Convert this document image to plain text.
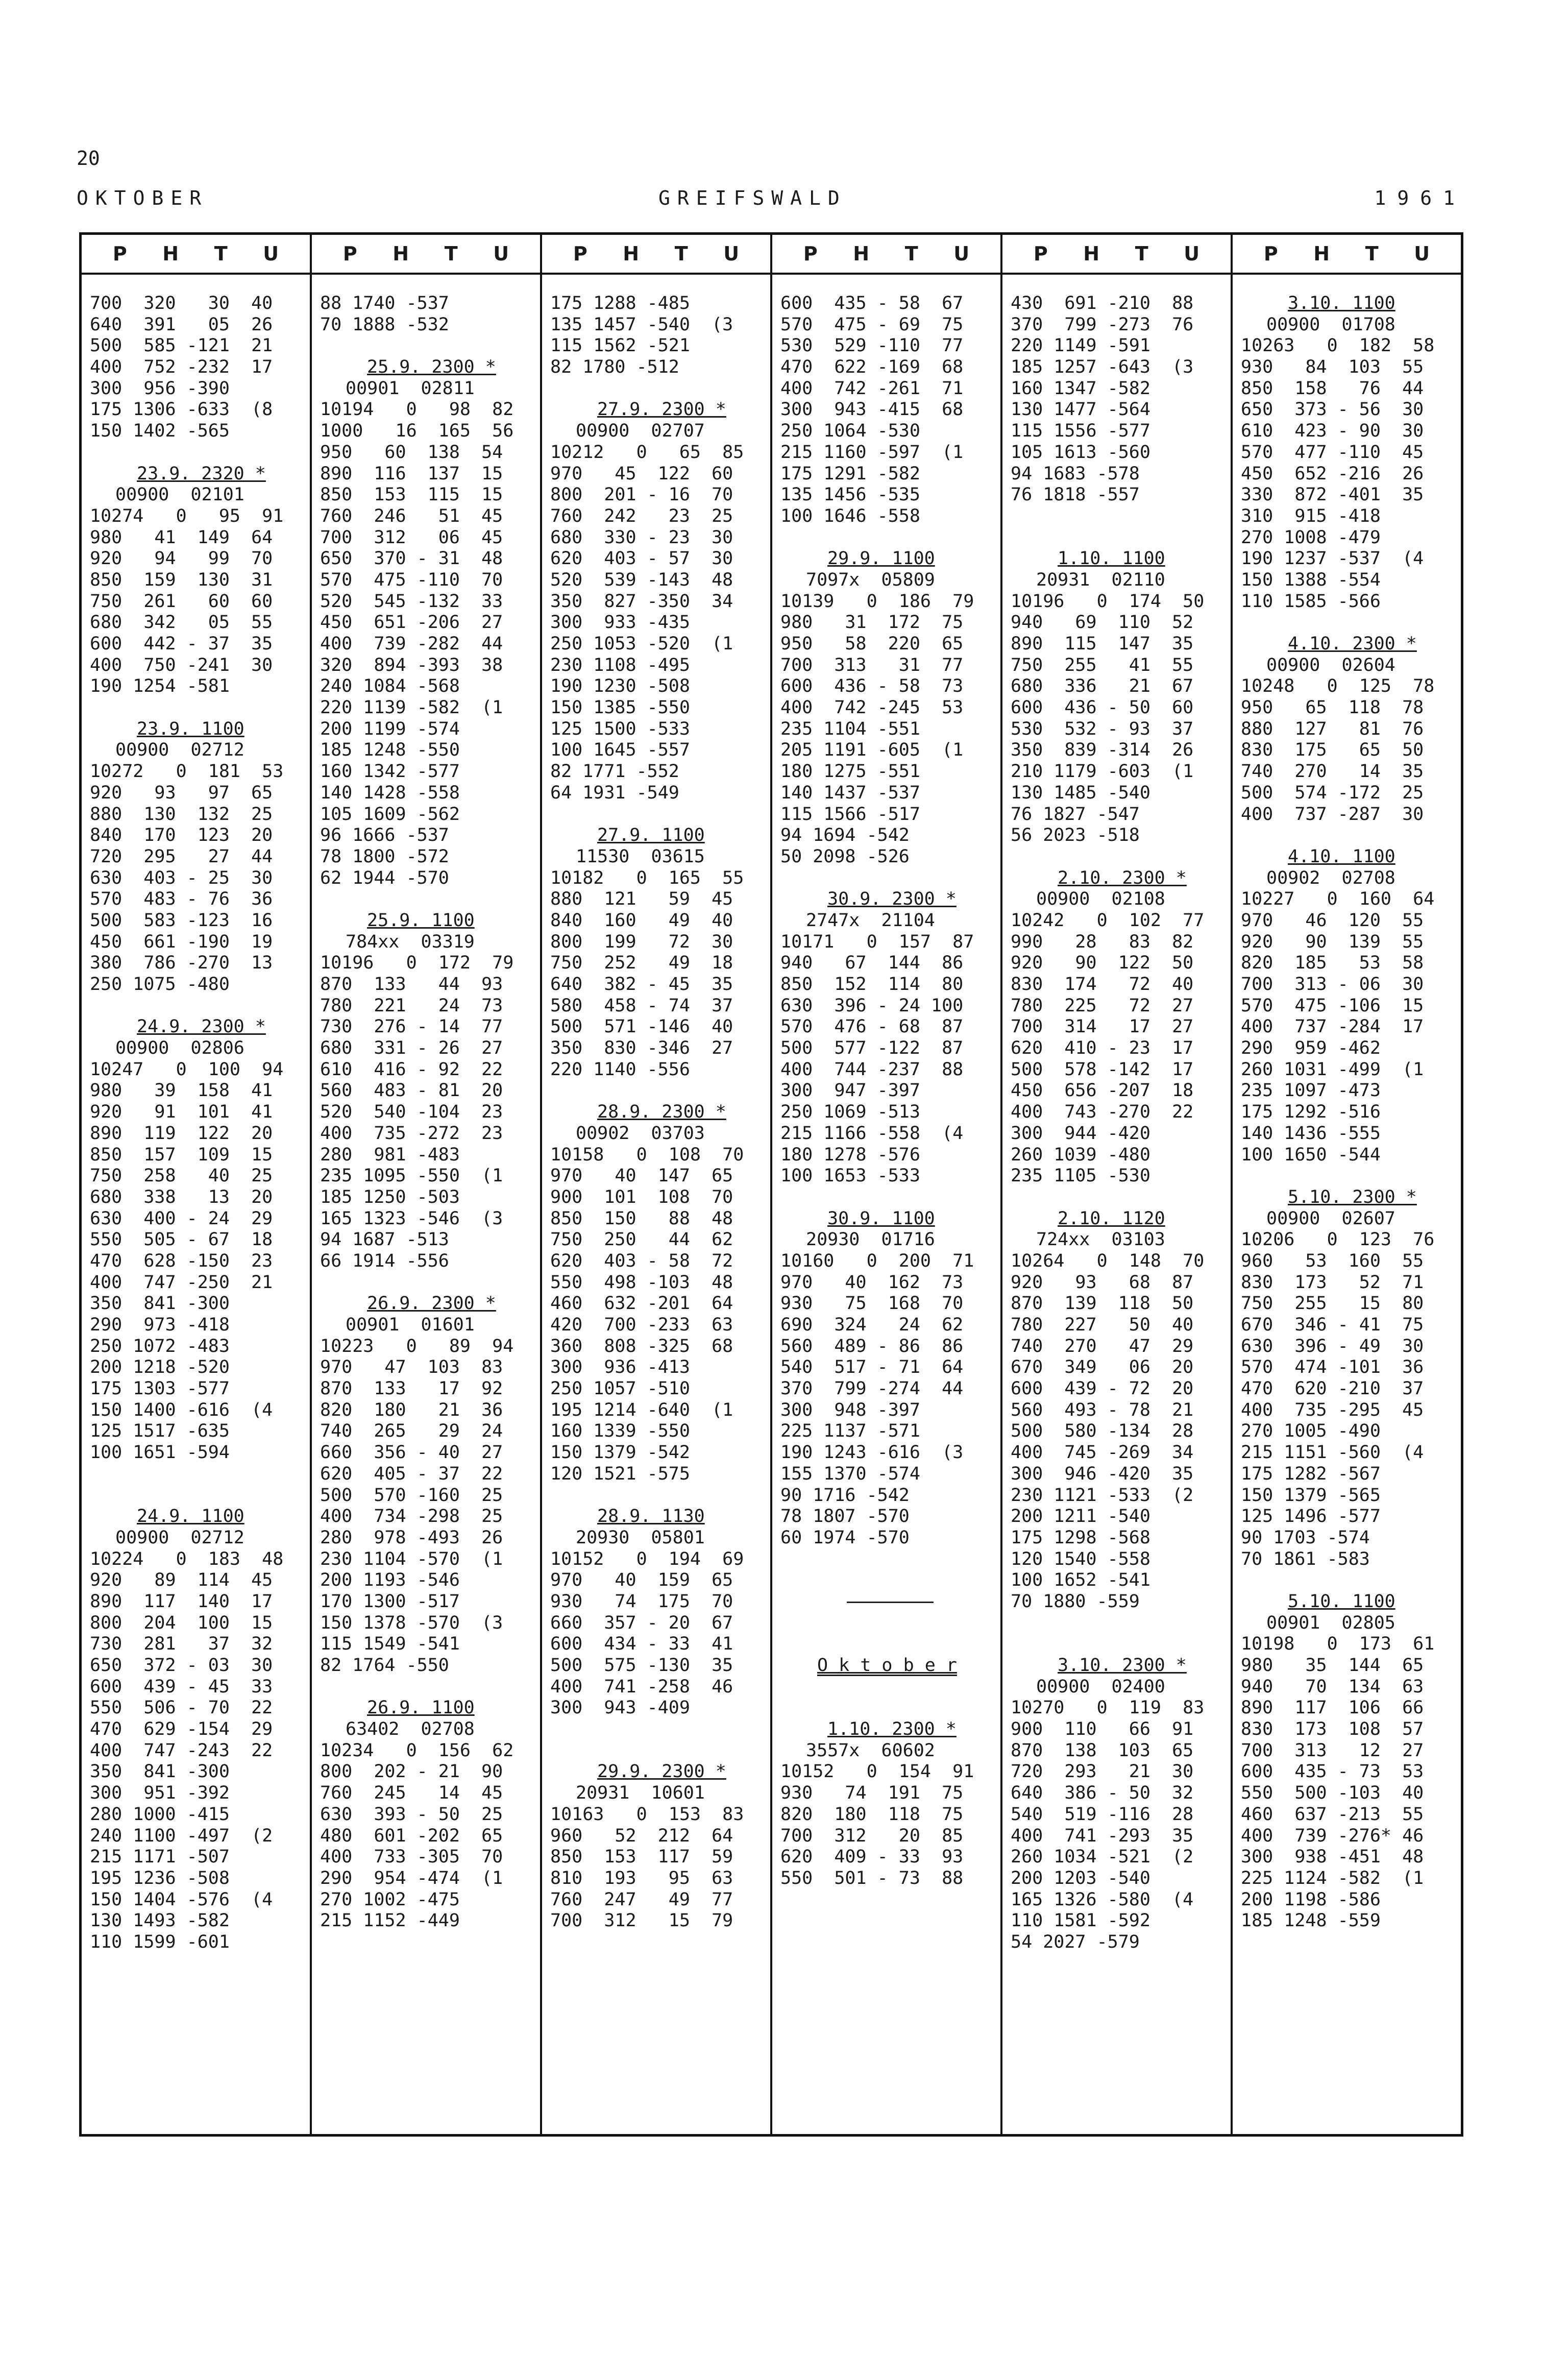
20
OKTOBER	GREIFSWALD	1961
P H T U
700  320   30  40
640  391   05  26
500  585 -121  21
400  752 -232  17
300  956 -390
175 1306 -633  (8
150 1402 -565
23.9. 2320 *
00900  02101
10274   0   95  91
980   41  149  64
920   94   99  70
850  159  130  31
750  261   60  60
680  342   05  55
600  442 - 37  35
400  750 -241  30
190 1254 -581
23.9. 1100
00900  02712
10272   0  181  53
920   93   97  65
880  130  132  25
840  170  123  20
720  295   27  44
630  403 - 25  30
570  483 - 76  36
500  583 -123  16
450  661 -190  19
380  786 -270  13
250 1075 -480
24.9. 2300 *
00900  02806
10247   0  100  94
980   39  158  41
920   91  101  41
890  119  122  20
850  157  109  15
750  258   40  25
680  338   13  20
630  400 - 24  29
550  505 - 67  18
470  628 -150  23
400  747 -250  21
350  841 -300
290  973 -418
250 1072 -483
200 1218 -520
175 1303 -577
150 1400 -616  (4
125 1517 -635
100 1651 -594
24.9. 1100
00900  02712
10224   0  183  48
920   89  114  45
890  117  140  17
800  204  100  15
730  281   37  32
650  372 - 03  30
600  439 - 45  33
550  506 - 70  22
470  629 -154  29
400  747 -243  22
350  841 -300
300  951 -392
280 1000 -415
240 1100 -497  (2
215 1171 -507
195 1236 -508
150 1404 -576  (4
130 1493 -582
110 1599 -601
P H T U
88 1740 -537
70 1888 -532
25.9. 2300 *
00901  02811
10194   0   98  82
1000   16  165  56
950   60  138  54
890  116  137  15
850  153  115  15
760  246   51  45
700  312   06  45
650  370 - 31  48
570  475 -110  70
520  545 -132  33
450  651 -206  27
400  739 -282  44
320  894 -393  38
240 1084 -568
220 1139 -582  (1
200 1199 -574
185 1248 -550
160 1342 -577
140 1428 -558
105 1609 -562
96 1666 -537
78 1800 -572
62 1944 -570
25.9. 1100
784xx  03319
10196   0  172  79
870  133   44  93
780  221   24  73
730  276 - 14  77
680  331 - 26  27
610  416 - 92  22
560  483 - 81  20
520  540 -104  23
400  735 -272  23
280  981 -483
235 1095 -550  (1
185 1250 -503
165 1323 -546  (3
94 1687 -513
66 1914 -556
26.9. 2300 *
00901  01601
10223   0   89  94
970   47  103  83
870  133   17  92
820  180   21  36
740  265   29  24
660  356 - 40  27
620  405 - 37  22
500  570 -160  25
400  734 -298  25
280  978 -493  26
230 1104 -570  (1
200 1193 -546
170 1300 -517
150 1378 -570  (3
115 1549 -541
82 1764 -550
26.9. 1100
63402  02708
10234   0  156  62
800  202 - 21  90
760  245   14  45
630  393 - 50  25
480  601 -202  65
400  733 -305  70
290  954 -474  (1
270 1002 -475
215 1152 -449
P H T U
175 1288 -485
135 1457 -540  (3
115 1562 -521
82 1780 -512
27.9. 2300 *
00900  02707
10212   0   65  85
970   45  122  60
800  201 - 16  70
760  242   23  25
680  330 - 23  30
620  403 - 57  30
520  539 -143  48
350  827 -350  34
300  933 -435
250 1053 -520  (1
230 1108 -495
190 1230 -508
150 1385 -550
125 1500 -533
100 1645 -557
82 1771 -552
64 1931 -549
27.9. 1100
11530  03615
10182   0  165  55
880  121   59  45
840  160   49  40
800  199   72  30
750  252   49  18
640  382 - 45  35
580  458 - 74  37
500  571 -146  40
350  830 -346  27
220 1140 -556
28.9. 2300 *
00902  03703
10158   0  108  70
970   40  147  65
900  101  108  70
850  150   88  48
750  250   44  62
620  403 - 58  72
550  498 -103  48
460  632 -201  64
420  700 -233  63
360  808 -325  68
300  936 -413
250 1057 -510
195 1214 -640  (1
160 1339 -550
150 1379 -542
120 1521 -575
28.9. 1130
20930  05801
10152   0  194  69
970   40  159  65
930   74  175  70
660  357 - 20  67
600  434 - 33  41
500  575 -130  35
400  741 -258  46
300  943 -409
29.9. 2300 *
20931  10601
10163   0  153  83
960   52  212  64
850  153  117  59
810  193   95  63
760  247   49  77
700  312   15  79
P H T U
600  435 - 58  67
570  475 - 69  75
530  529 -110  77
470  622 -169  68
400  742 -261  71
300  943 -415  68
250 1064 -530
215 1160 -597  (1
175 1291 -582
135 1456 -535
100 1646 -558
29.9. 1100
7097x  05809
10139   0  186  79
980   31  172  75
950   58  220  65
700  313   31  77
600  436 - 58  73
400  742 -245  53
235 1104 -551
205 1191 -605  (1
180 1275 -551
140 1437 -537
115 1566 -517
94 1694 -542
50 2098 -526
30.9. 2300 *
2747x  21104
10171   0  157  87
940   67  144  86
850  152  114  80
630  396 - 24 100
570  476 - 68  87
500  577 -122  87
400  744 -237  88
300  947 -397
250 1069 -513
215 1166 -558  (4
180 1278 -576
100 1653 -533
30.9. 1100
20930  01716
10160   0  200  71
970   40  162  73
930   75  168  70
690  324   24  62
560  489 - 86  86
540  517 - 71  64
370  799 -274  44
300  948 -397
225 1137 -571
190 1243 -616  (3
155 1370 -574
90 1716 -542
78 1807 -570
60 1974 -570
O k t o b e r
1.10. 2300 *
3557x  60602
10152   0  154  91
930   74  191  75
820  180  118  75
700  312   20  85
620  409 - 33  93
550  501 - 73  88
P H T U
430  691 -210  88
370  799 -273  76
220 1149 -591
185 1257 -643  (3
160 1347 -582
130 1477 -564
115 1556 -577
105 1613 -560
94 1683 -578
76 1818 -557
1.10. 1100
20931  02110
10196   0  174  50
940   69  110  52
890  115  147  35
750  255   41  55
680  336   21  67
600  436 - 50  60
530  532 - 93  37
350  839 -314  26
210 1179 -603  (1
130 1485 -540
76 1827 -547
56 2023 -518
2.10. 2300 *
00900  02108
10242   0  102  77
990   28   83  82
920   90  122  50
830  174   72  40
780  225   72  27
700  314   17  27
620  410 - 23  17
500  578 -142  17
450  656 -207  18
400  743 -270  22
300  944 -420
260 1039 -480
235 1105 -530
2.10. 1120
724xx  03103
10264   0  148  70
920   93   68  87
870  139  118  50
780  227   50  40
740  270   47  29
670  349   06  20
600  439 - 72  20
560  493 - 78  21
500  580 -134  28
400  745 -269  34
300  946 -420  35
230 1121 -533  (2
200 1211 -540
175 1298 -568
120 1540 -558
100 1652 -541
70 1880 -559
3.10. 2300 *
00900  02400
10270   0  119  83
900  110   66  91
870  138  103  65
720  293   21  30
640  386 - 50  32
540  519 -116  28
400  741 -293  35
260 1034 -521  (2
200 1203 -540
165 1326 -580  (4
110 1581 -592
54 2027 -579
P H T U
3.10. 1100
00900  01708
10263   0  182  58
930   84  103  55
850  158   76  44
650  373 - 56  30
610  423 - 90  30
570  477 -110  45
450  652 -216  26
330  872 -401  35
310  915 -418
270 1008 -479
190 1237 -537  (4
150 1388 -554
110 1585 -566
4.10. 2300 *
00900  02604
10248   0  125  78
950   65  118  78
880  127   81  76
830  175   65  50
740  270   14  35
500  574 -172  25
400  737 -287  30
4.10. 1100
00902  02708
10227   0  160  64
970   46  120  55
920   90  139  55
820  185   53  58
700  313 - 06  30
570  475 -106  15
400  737 -284  17
290  959 -462
260 1031 -499  (1
235 1097 -473
175 1292 -516
140 1436 -555
100 1650 -544
5.10. 2300 *
00900  02607
10206   0  123  76
960   53  160  55
830  173   52  71
750  255   15  80
670  346 - 41  75
630  396 - 49  30
570  474 -101  36
470  620 -210  37
400  735 -295  45
270 1005 -490
215 1151 -560  (4
175 1282 -567
150 1379 -565
125 1496 -577
90 1703 -574
70 1861 -583
5.10. 1100
00901  02805
10198   0  173  61
980   35  144  65
940   70  134  63
890  117  106  66
830  173  108  57
700  313   12  27
600  435 - 73  53
550  500 -103  40
460  637 -213  55
400  739 -276* 46
300  938 -451  48
225 1124 -582  (1
200 1198 -586
185 1248 -559
